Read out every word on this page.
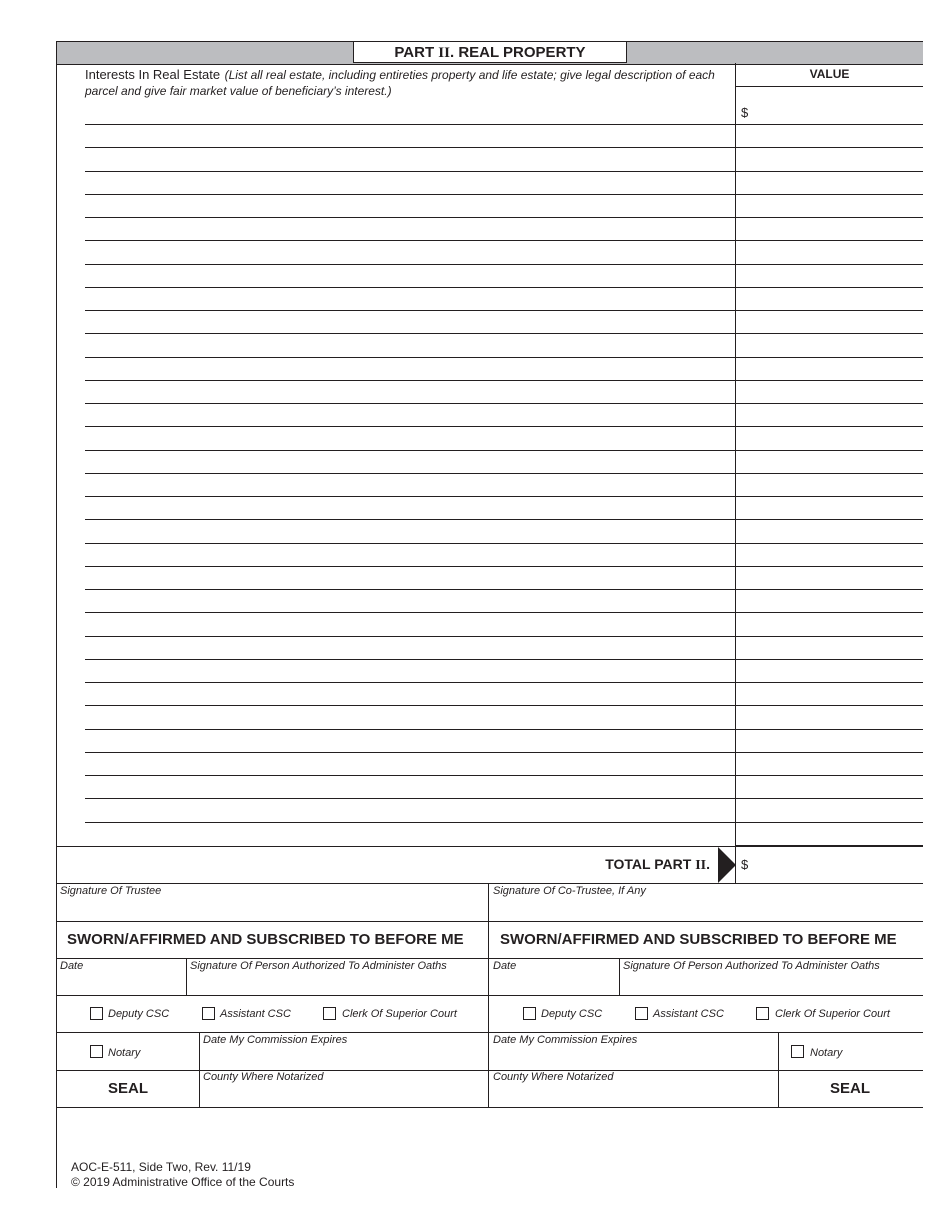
PART II. REAL PROPERTY
Interests In Real Estate (List all real estate, including entireties property and life estate; give legal description of each parcel and give fair market value of beneficiary’s interest.)
VALUE
$
TOTAL PART II. $
Signature Of Trustee	Signature Of Co-Trustee, If Any
SWORN/AFFIRMED AND SUBSCRIBED TO BEFORE ME
Date	Signature Of Person Authorized To Administer Oaths
Deputy CSC	Assistant CSC	Clerk Of Superior Court
Notary
Date My Commission Expires
County Where Notarized
SEAL
SWORN/AFFIRMED AND SUBSCRIBED TO BEFORE ME
Date	Signature Of Person Authorized To Administer Oaths
Deputy CSC	Assistant CSC	Clerk Of Superior Court
Date My Commission Expires
Notary
County Where Notarized
SEAL
AOC-E-511, Side Two, Rev. 11/19
© 2019 Administrative Office of the Courts
